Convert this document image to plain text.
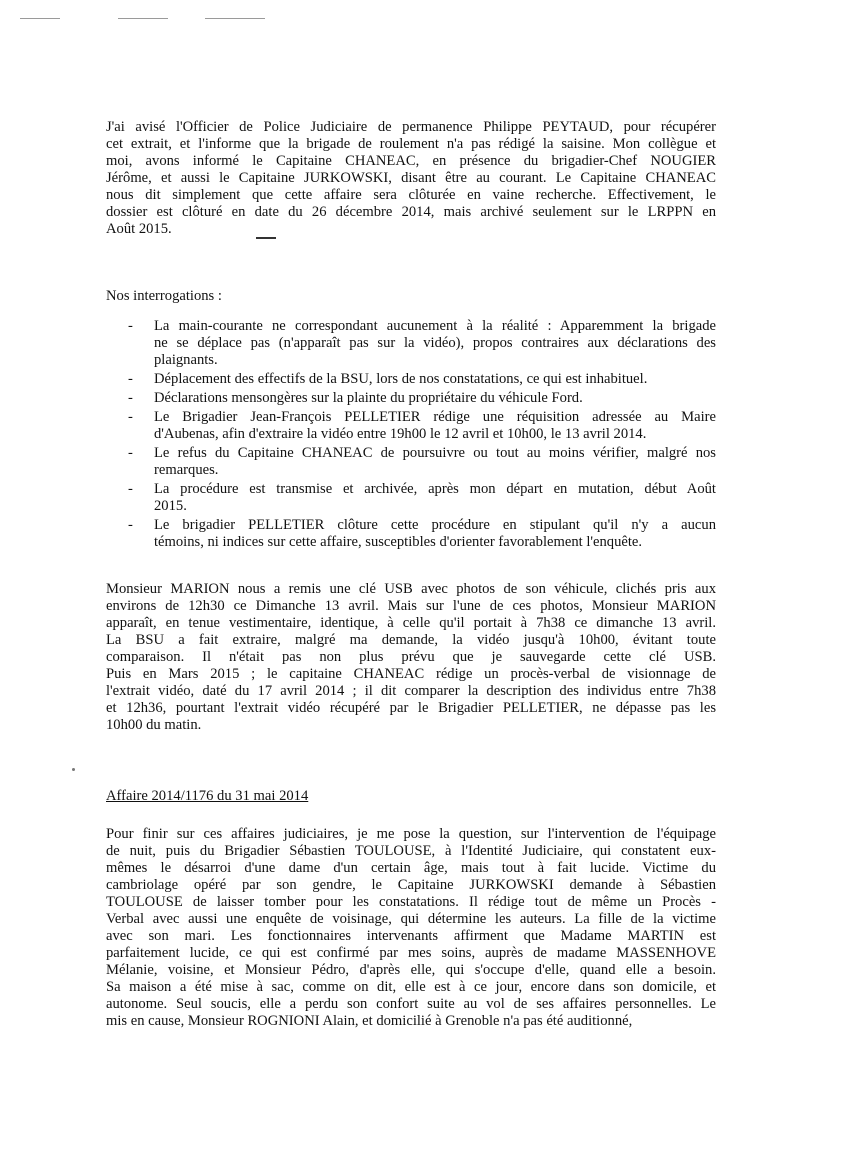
J'ai avisé l'Officier de Police Judiciaire de permanence Philippe PEYTAUD, pour récupérer
cet extrait, et l'informe que la brigade de roulement n'a pas rédigé la saisine. Mon collègue et
moi, avons informé le Capitaine CHANEAC, en présence du brigadier-Chef NOUGIER
Jérôme, et aussi le Capitaine JURKOWSKI, disant être au courant. Le Capitaine CHANEAC
nous dit simplement que cette affaire sera clôturée en vaine recherche. Effectivement, le
dossier est clôturé en date du 26 décembre 2014, mais archivé seulement sur le LRPPN en
Août 2015.

Nos interrogations :

- La main-courante ne correspondant aucunement à la réalité : Apparemment la brigade
ne se déplace pas (n'apparaît pas sur la vidéo), propos contraires aux déclarations des
plaignants.
- Déplacement des effectifs de la BSU, lors de nos constatations, ce qui est inhabituel.
- Déclarations mensongères sur la plainte du propriétaire du véhicule Ford.
- Le Brigadier Jean-François PELLETIER rédige une réquisition adressée au Maire
d'Aubenas, afin d'extraire la vidéo entre 19h00 le 12 avril et 10h00, le 13 avril 2014.
- Le refus du Capitaine CHANEAC de poursuivre ou tout au moins vérifier, malgré nos
remarques.
- La procédure est transmise et archivée, après mon départ en mutation, début Août
2015.
- Le brigadier PELLETIER clôture cette procédure en stipulant qu'il n'y a aucun
témoins, ni indices sur cette affaire, susceptibles d'orienter favorablement l'enquête.
Monsieur MARION nous a remis une clé USB avec photos de son véhicule, clichés pris aux
environs de 12h30 ce Dimanche 13 avril. Mais sur l'une de ces photos, Monsieur MARION
apparaît, en tenue vestimentaire, identique, à celle qu'il portait à 7h38 ce dimanche 13 avril.
La BSU a fait extraire, malgré ma demande, la vidéo jusqu'à 10h00, évitant toute
comparaison. Il n'était pas non plus prévu que je sauvegarde cette clé USB.
Puis en Mars 2015 ; le capitaine CHANEAC rédige un procès-verbal de visionnage de
l'extrait vidéo, daté du 17 avril 2014 ; il dit comparer la description des individus entre 7h38
et 12h36, pourtant l'extrait vidéo récupéré par le Brigadier PELLETIER, ne dépasse pas les
10h00 du matin.

Affaire 2014/1176 du 31 mai 2014

Pour finir sur ces affaires judiciaires, je me pose la question, sur l'intervention de l'équipage
de nuit, puis du Brigadier Sébastien TOULOUSE, à l'Identité Judiciaire, qui constatent eux-
mêmes le désarroi d'une dame d'un certain âge, mais tout à fait lucide. Victime du
cambriolage opéré par son gendre, le Capitaine JURKOWSKI demande à Sébastien
TOULOUSE de laisser tomber pour les constatations. Il rédige tout de même un Procès -
Verbal avec aussi une enquête de voisinage, qui détermine les auteurs. La fille de la victime
avec son mari. Les fonctionnaires intervenants affirment que Madame MARTIN est
parfaitement lucide, ce qui est confirmé par mes soins, auprès de madame MASSENHOVE
Mélanie, voisine, et Monsieur Pédro, d'après elle, qui s'occupe d'elle, quand elle a besoin.
Sa maison a été mise à sac, comme on dit, elle est à ce jour, encore dans son domicile, et
autonome. Seul soucis, elle a perdu son confort suite au vol de ses affaires personnelles. Le
mis en cause, Monsieur ROGNIONI Alain, et domicilié à Grenoble n'a pas été auditionné,
